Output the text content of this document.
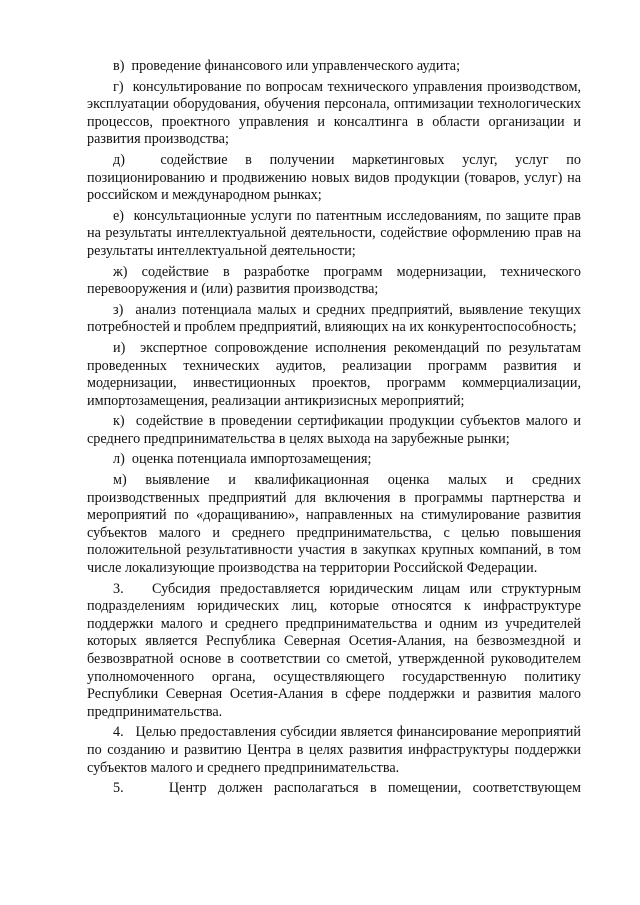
в)  проведение финансового или управленческого аудита;

г)  консультирование по вопросам технического управления производством, эксплуатации оборудования, обучения персонала, оптимизации технологических процессов, проектного управления и консалтинга в области организации и развития производства;

д)  содействие в получении маркетинговых услуг, услуг по позиционированию и продвижению новых видов продукции (товаров, услуг) на российском и международном рынках;

е)  консультационные услуги по патентным исследованиям, по защите прав на результаты интеллектуальной деятельности, содействие оформлению прав на результаты интеллектуальной деятельности;

ж) содействие в разработке программ модернизации, технического перевооружения и (или) развития производства;

з)  анализ потенциала малых и средних предприятий, выявление текущих потребностей и проблем предприятий, влияющих на их конкурентоспособность;

и)  экспертное сопровождение исполнения рекомендаций по результатам проведенных технических аудитов, реализации программ развития и модернизации, инвестиционных проектов, программ коммерциализации, импортозамещения, реализации антикризисных мероприятий;

к)  содействие в проведении сертификации продукции субъектов малого и среднего предпринимательства в целях выхода на зарубежные рынки;

л)  оценка потенциала импортозамещения;

м) выявление и квалификационная оценка малых и средних производственных предприятий для включения в программы партнерства и мероприятий по «доращиванию», направленных на стимулирование развития субъектов малого и среднего предпринимательства, с целью повышения положительной результативности участия в закупках крупных компаний, в том числе локализующие производства на территории Российской Федерации.

3.   Субсидия предоставляется юридическим лицам или структурным подразделениям юридических лиц, которые относятся к инфраструктуре поддержки малого и среднего предпринимательства и одним из учредителей которых является Республика Северная Осетия-Алания, на безвозмездной и безвозвратной основе в соответствии со сметой, утвержденной руководителем уполномоченного органа, осуществляющего государственную политику Республики Северная Осетия-Алания в сфере поддержки и развития малого предпринимательства.

4.   Целью предоставления субсидии является финансирование мероприятий по созданию и развитию Центра в целях развития инфраструктуры поддержки субъектов малого и среднего предпринимательства.

5.    Центр должен располагаться в помещении, соответствующем
